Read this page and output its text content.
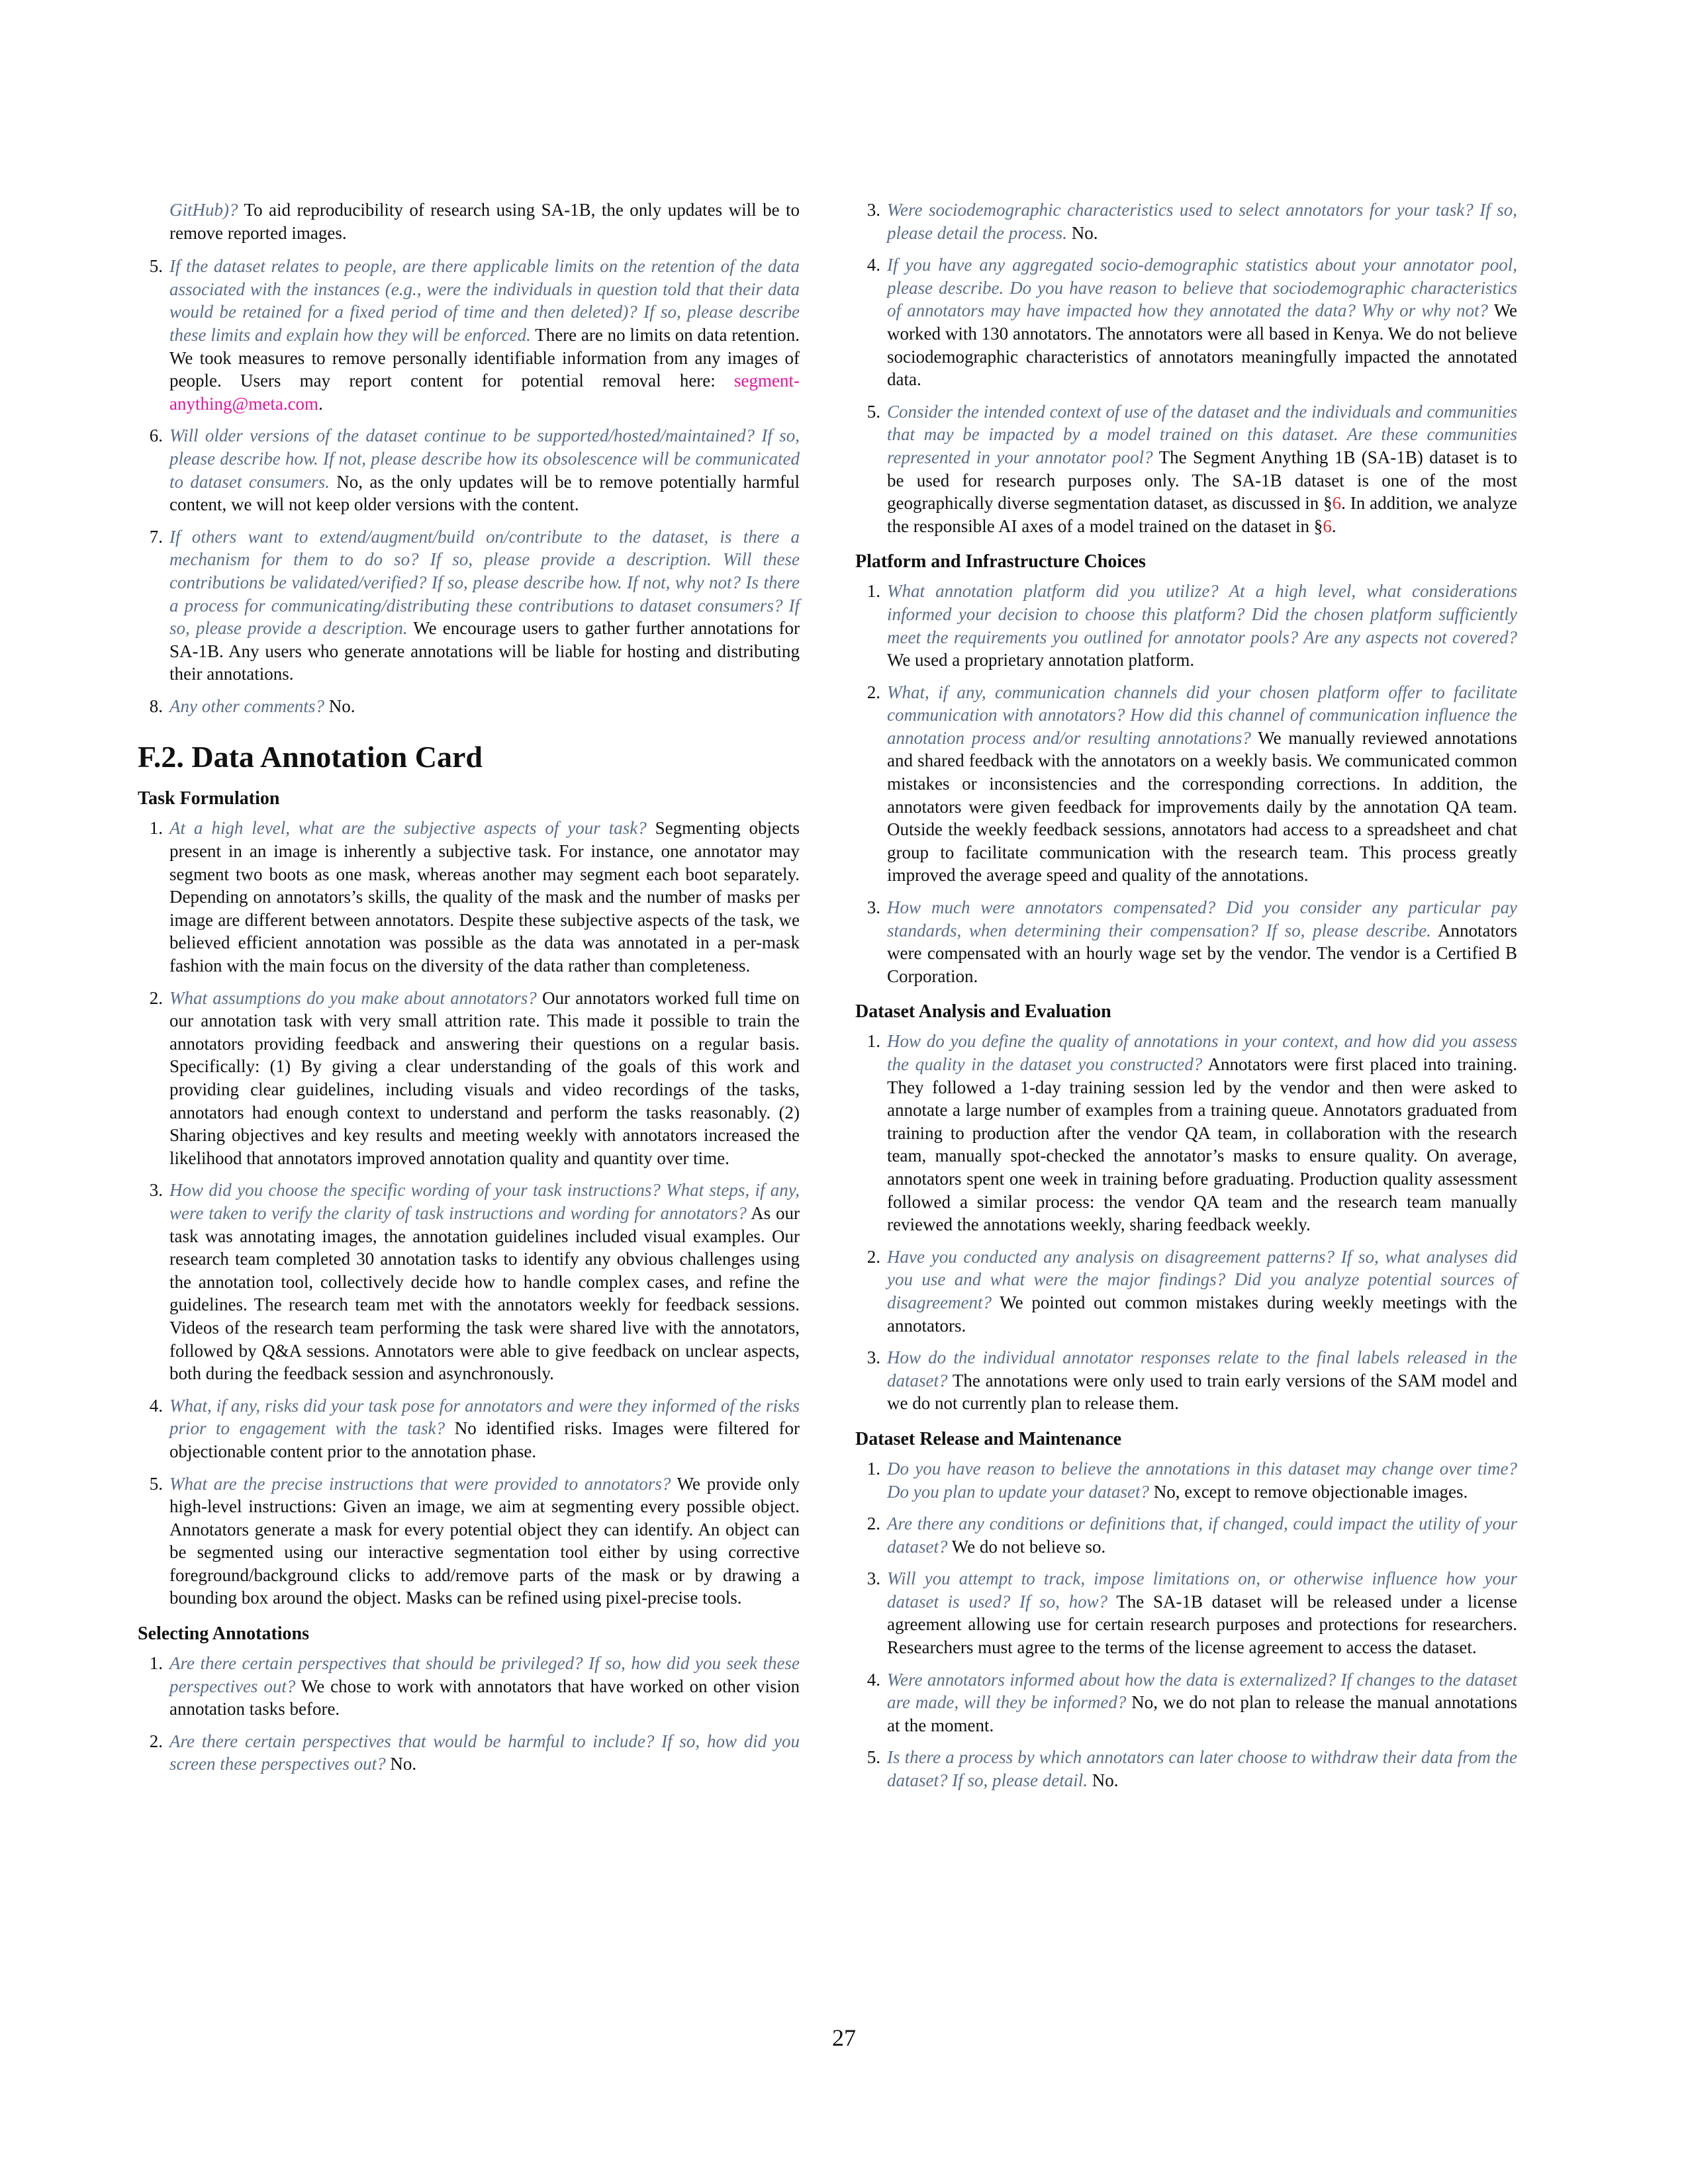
GitHub)? To aid reproducibility of research using SA-1B, the only updates will be to remove reported images.

5. If the dataset relates to people, are there applicable limits on the retention of the data associated with the instances (e.g., were the individuals in question told that their data would be retained for a fixed period of time and then deleted)? If so, please describe these limits and explain how they will be enforced. There are no limits on data retention. We took measures to remove personally identifiable information from any images of people. Users may report content for potential removal here: segment-anything@meta.com.
6. Will older versions of the dataset continue to be supported/hosted/maintained? If so, please describe how. If not, please describe how its obsolescence will be communicated to dataset consumers. No, as the only updates will be to remove potentially harmful content, we will not keep older versions with the content.
7. If others want to extend/augment/build on/contribute to the dataset, is there a mechanism for them to do so? If so, please provide a description. Will these contributions be validated/verified? If so, please describe how. If not, why not? Is there a process for communicating/distributing these contributions to dataset consumers? If so, please provide a description. We encourage users to gather further annotations for SA-1B. Any users who generate annotations will be liable for hosting and distributing their annotations.
8. Any other comments? No.
F.2. Data Annotation Card
Task Formulation
1. At a high level, what are the subjective aspects of your task? Segmenting objects present in an image is inherently a subjective task. For instance, one annotator may segment two boots as one mask, whereas another may segment each boot separately. Depending on annotators’s skills, the quality of the mask and the number of masks per image are different between annotators. Despite these subjective aspects of the task, we believed efficient annotation was possible as the data was annotated in a per-mask fashion with the main focus on the diversity of the data rather than completeness.
2. What assumptions do you make about annotators? Our annotators worked full time on our annotation task with very small attrition rate. This made it possible to train the annotators providing feedback and answering their questions on a regular basis. Specifically: (1) By giving a clear understanding of the goals of this work and providing clear guidelines, including visuals and video recordings of the tasks, annotators had enough context to understand and perform the tasks reasonably. (2) Sharing objectives and key results and meeting weekly with annotators increased the likelihood that annotators improved annotation quality and quantity over time.
3. How did you choose the specific wording of your task instructions? What steps, if any, were taken to verify the clarity of task instructions and wording for annotators? As our task was annotating images, the annotation guidelines included visual examples. Our research team completed 30 annotation tasks to identify any obvious challenges using the annotation tool, collectively decide how to handle complex cases, and refine the guidelines. The research team met with the annotators weekly for feedback sessions. Videos of the research team performing the task were shared live with the annotators, followed by Q&A sessions. Annotators were able to give feedback on unclear aspects, both during the feedback session and asynchronously.
4. What, if any, risks did your task pose for annotators and were they informed of the risks prior to engagement with the task? No identified risks. Images were filtered for objectionable content prior to the annotation phase.
5. What are the precise instructions that were provided to annotators? We provide only high-level instructions: Given an image, we aim at segmenting every possible object. Annotators generate a mask for every potential object they can identify. An object can be segmented using our interactive segmentation tool either by using corrective foreground/background clicks to add/remove parts of the mask or by drawing a bounding box around the object. Masks can be refined using pixel-precise tools.
Selecting Annotations
1. Are there certain perspectives that should be privileged? If so, how did you seek these perspectives out? We chose to work with annotators that have worked on other vision annotation tasks before.
2. Are there certain perspectives that would be harmful to include? If so, how did you screen these perspectives out? No.
3. Were sociodemographic characteristics used to select annotators for your task? If so, please detail the process. No.
4. If you have any aggregated socio-demographic statistics about your annotator pool, please describe. Do you have reason to believe that sociodemographic characteristics of annotators may have impacted how they annotated the data? Why or why not? We worked with 130 annotators. The annotators were all based in Kenya. We do not believe sociodemographic characteristics of annotators meaningfully impacted the annotated data.
5. Consider the intended context of use of the dataset and the individuals and communities that may be impacted by a model trained on this dataset. Are these communities represented in your annotator pool? The Segment Anything 1B (SA-1B) dataset is to be used for research purposes only. The SA-1B dataset is one of the most geographically diverse segmentation dataset, as discussed in §6. In addition, we analyze the responsible AI axes of a model trained on the dataset in §6.
Platform and Infrastructure Choices
1. What annotation platform did you utilize? At a high level, what considerations informed your decision to choose this platform? Did the chosen platform sufficiently meet the requirements you outlined for annotator pools? Are any aspects not covered? We used a proprietary annotation platform.
2. What, if any, communication channels did your chosen platform offer to facilitate communication with annotators? How did this channel of communication influence the annotation process and/or resulting annotations? We manually reviewed annotations and shared feedback with the annotators on a weekly basis. We communicated common mistakes or inconsistencies and the corresponding corrections. In addition, the annotators were given feedback for improvements daily by the annotation QA team. Outside the weekly feedback sessions, annotators had access to a spreadsheet and chat group to facilitate communication with the research team. This process greatly improved the average speed and quality of the annotations.
3. How much were annotators compensated? Did you consider any particular pay standards, when determining their compensation? If so, please describe. Annotators were compensated with an hourly wage set by the vendor. The vendor is a Certified B Corporation.
Dataset Analysis and Evaluation
1. How do you define the quality of annotations in your context, and how did you assess the quality in the dataset you constructed? Annotators were first placed into training. They followed a 1-day training session led by the vendor and then were asked to annotate a large number of examples from a training queue. Annotators graduated from training to production after the vendor QA team, in collaboration with the research team, manually spot-checked the annotator’s masks to ensure quality. On average, annotators spent one week in training before graduating. Production quality assessment followed a similar process: the vendor QA team and the research team manually reviewed the annotations weekly, sharing feedback weekly.
2. Have you conducted any analysis on disagreement patterns? If so, what analyses did you use and what were the major findings? Did you analyze potential sources of disagreement? We pointed out common mistakes during weekly meetings with the annotators.
3. How do the individual annotator responses relate to the final labels released in the dataset? The annotations were only used to train early versions of the SAM model and we do not currently plan to release them.
Dataset Release and Maintenance
1. Do you have reason to believe the annotations in this dataset may change over time? Do you plan to update your dataset? No, except to remove objectionable images.
2. Are there any conditions or definitions that, if changed, could impact the utility of your dataset? We do not believe so.
3. Will you attempt to track, impose limitations on, or otherwise influence how your dataset is used? If so, how? The SA-1B dataset will be released under a license agreement allowing use for certain research purposes and protections for researchers. Researchers must agree to the terms of the license agreement to access the dataset.
4. Were annotators informed about how the data is externalized? If changes to the dataset are made, will they be informed? No, we do not plan to release the manual annotations at the moment.
5. Is there a process by which annotators can later choose to withdraw their data from the dataset? If so, please detail. No.
27
